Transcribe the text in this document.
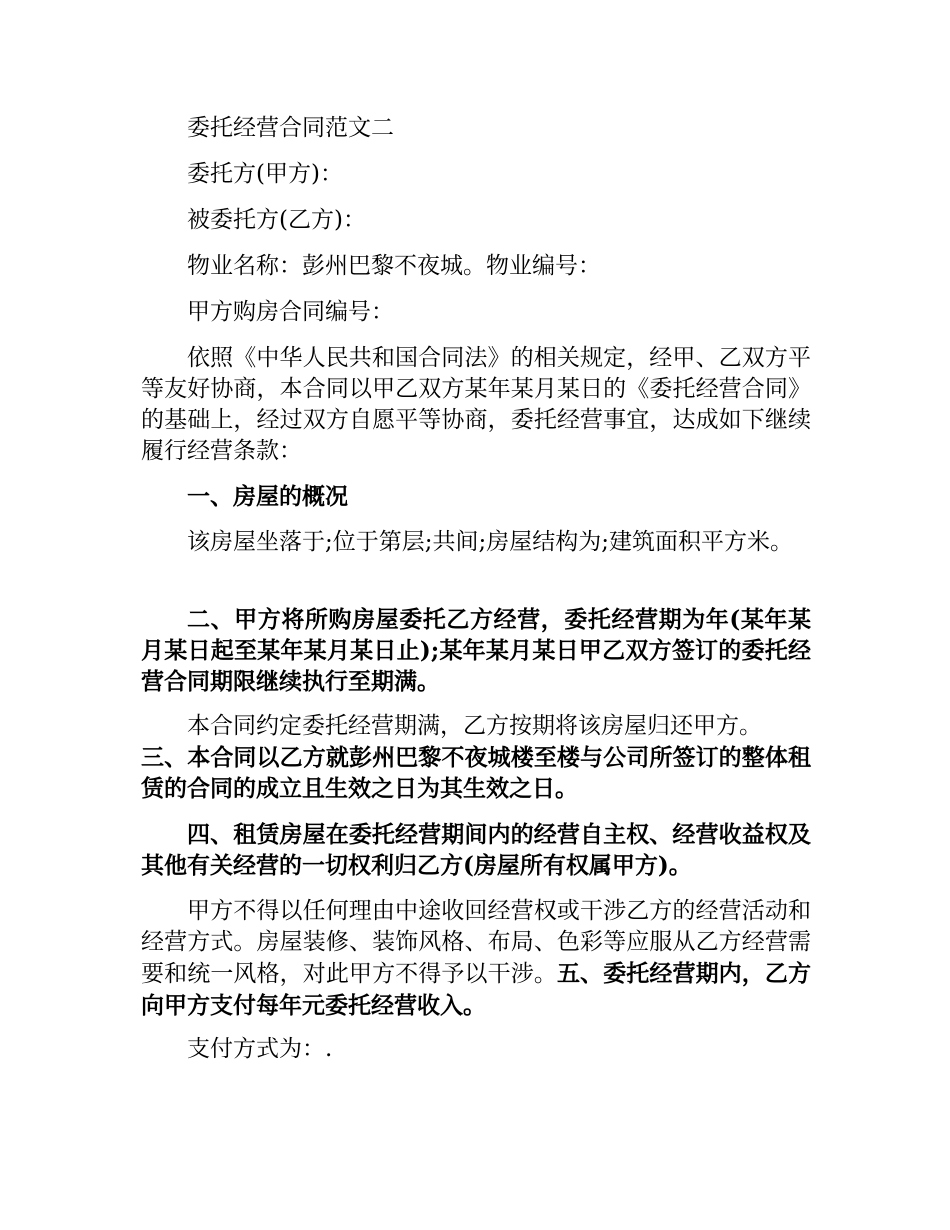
委托经营合同范文二

委托方(甲方)：

被委托方(乙方)：

物业名称：彭州巴黎不夜城。物业编号：

甲方购房合同编号：

依照《中华人民共和国合同法》的相关规定，经甲、乙双方平等友好协商，本合同以甲乙双方某年某月某日的《委托经营合同》的基础上，经过双方自愿平等协商，委托经营事宜，达成如下继续履行经营条款：

一、房屋的概况

该房屋坐落于;位于第层;共间;房屋结构为;建筑面积平方米。

二、甲方将所购房屋委托乙方经营，委托经营期为年(某年某月某日起至某年某月某日止);某年某月某日甲乙双方签订的委托经营合同期限继续执行至期满。

本合同约定委托经营期满，乙方按期将该房屋归还甲方。

三、本合同以乙方就彭州巴黎不夜城楼至楼与公司所签订的整体租赁的合同的成立且生效之日为其生效之日。

四、租赁房屋在委托经营期间内的经营自主权、经营收益权及其他有关经营的一切权利归乙方(房屋所有权属甲方)。

甲方不得以任何理由中途收回经营权或干涉乙方的经营活动和经营方式。房屋装修、装饰风格、布局、色彩等应服从乙方经营需要和统一风格，对此甲方不得予以干涉。五、委托经营期内，乙方向甲方支付每年元委托经营收入。

支付方式为：.
